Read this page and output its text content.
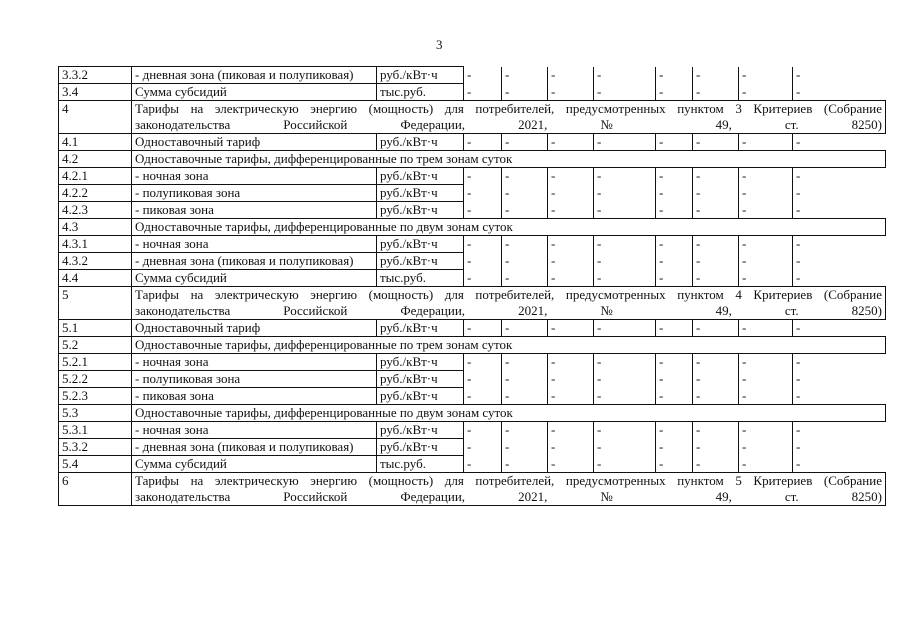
3
3.3.2	- дневная зона (пиковая и полупиковая)	руб./кВт·ч	-	-	-	-	-	-	-	-
3.4	Сумма субсидий	тыс.руб.	-	-	-	-	-	-	-	-
4	Тарифы на электрическую энергию (мощность) для потребителей, предусмотренных пунктом 3 Критериев (Собрание законодательства Российской Федерации, 2021, № 49, ст. 8250)									
4.1	Одноставочный тариф	руб./кВт·ч	-	-	-	-	-	-	-	-
4.2	Одноставочные тарифы, дифференцированные по трем зонам суток									
4.2.1	- ночная зона	руб./кВт·ч	-	-	-	-	-	-	-	-
4.2.2	- полупиковая зона	руб./кВт·ч	-	-	-	-	-	-	-	-
4.2.3	- пиковая зона	руб./кВт·ч	-	-	-	-	-	-	-	-
4.3	Одноставочные тарифы, дифференцированные по двум зонам суток									
4.3.1	- ночная зона	руб./кВт·ч	-	-	-	-	-	-	-	-
4.3.2	- дневная зона (пиковая и полупиковая)	руб./кВт·ч	-	-	-	-	-	-	-	-
4.4	Сумма субсидий	тыс.руб.	-	-	-	-	-	-	-	-
5	Тарифы на электрическую энергию (мощность) для потребителей, предусмотренных пунктом 4 Критериев (Собрание законодательства Российской Федерации, 2021, № 49, ст. 8250)									
5.1	Одноставочный тариф	руб./кВт·ч	-	-	-	-	-	-	-	-
5.2	Одноставочные тарифы, дифференцированные по трем зонам суток									
5.2.1	- ночная зона	руб./кВт·ч	-	-	-	-	-	-	-	-
5.2.2	- полупиковая зона	руб./кВт·ч	-	-	-	-	-	-	-	-
5.2.3	- пиковая зона	руб./кВт·ч	-	-	-	-	-	-	-	-
5.3	Одноставочные тарифы, дифференцированные по двум зонам суток									
5.3.1	- ночная зона	руб./кВт·ч	-	-	-	-	-	-	-	-
5.3.2	- дневная зона (пиковая и полупиковая)	руб./кВт·ч	-	-	-	-	-	-	-	-
5.4	Сумма субсидий	тыс.руб.	-	-	-	-	-	-	-	-
6	Тарифы на электрическую энергию (мощность) для потребителей, предусмотренных пунктом 5 Критериев (Собрание законодательства Российской Федерации, 2021, № 49, ст. 8250)									
